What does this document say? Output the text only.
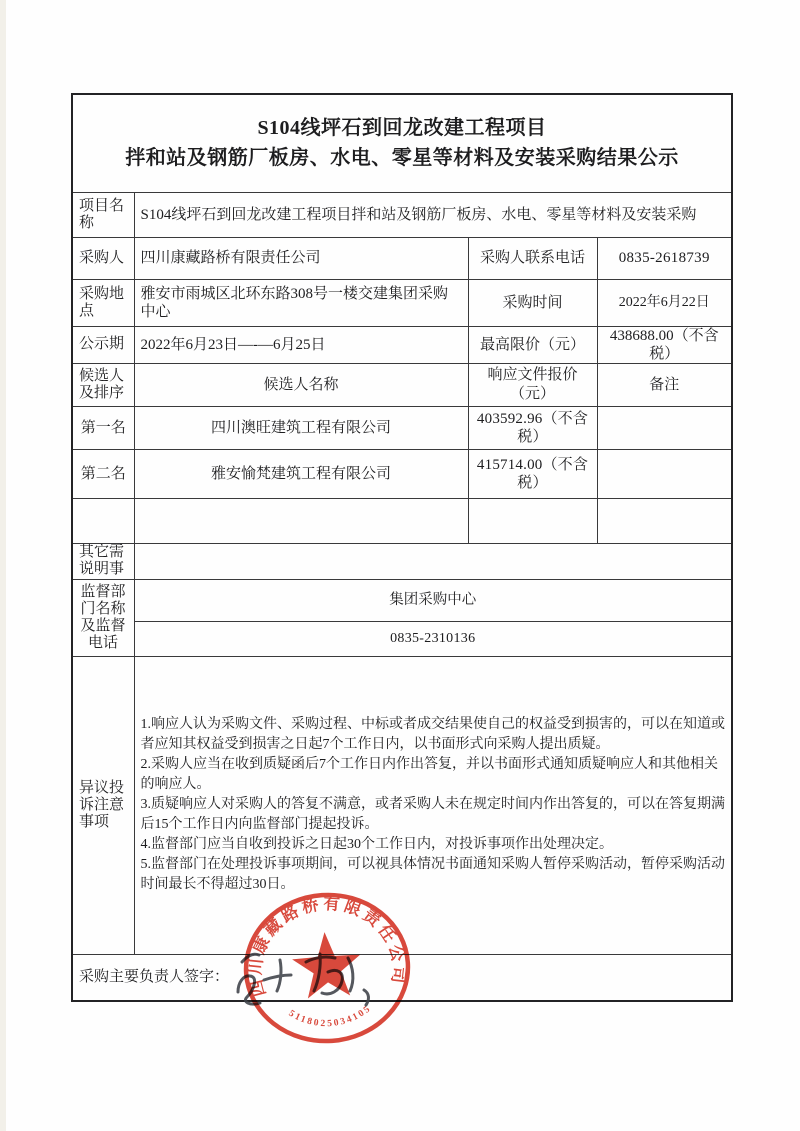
S104线坪石到回龙改建工程项目
拌和站及钢筋厂板房、水电、零星等材料及安装采购结果公示			

项目名称	S104线坪石到回龙改建工程项目拌和站及钢筋厂板房、水电、零星等材料及安装采购		

采购人	四川康藏路桥有限责任公司	采购人联系电话	0835-2618739

采购地点	雅安市雨城区北环东路308号一楼交建集团采购中心	采购时间	2022年6月22日

公示期	2022年6月23日—-—6月25日	最高限价（元）	438688.00（不含税）

候选人及排序	候选人名称	响应文件报价（元）	备注
第一名	四川澳旺建筑工程有限公司	403592.96（不含税）	
第二名	雅安愉梵建筑工程有限公司	415714.00（不含税）	

其它需说明事			

监督部门名称及监督电话	集团采购中心		
	0835-2310136		

异议投诉注意事项	1.响应人认为采购文件、采购过程、中标或者成交结果使自己的权益受到损害的，可以在知道或者应知其权益受到损害之日起7个工作日内，以书面形式向采购人提出质疑。
2.采购人应当在收到质疑函后7个工作日内作出答复，并以书面形式通知质疑响应人和其他相关的响应人。
3.质疑响应人对采购人的答复不满意，或者采购人未在规定时间内作出答复的，可以在答复期满后15个工作日内向监督部门提起投诉。
4.监督部门应当自收到投诉之日起30个工作日内，对投诉事项作出处理决定。
5.监督部门在处理投诉事项期间，可以视具体情况书面通知采购人暂停采购活动，暂停采购活动时间最长不得超过30日。		

采购主要负责人签字：				四川康藏路桥有限责任公司
5118025034105
